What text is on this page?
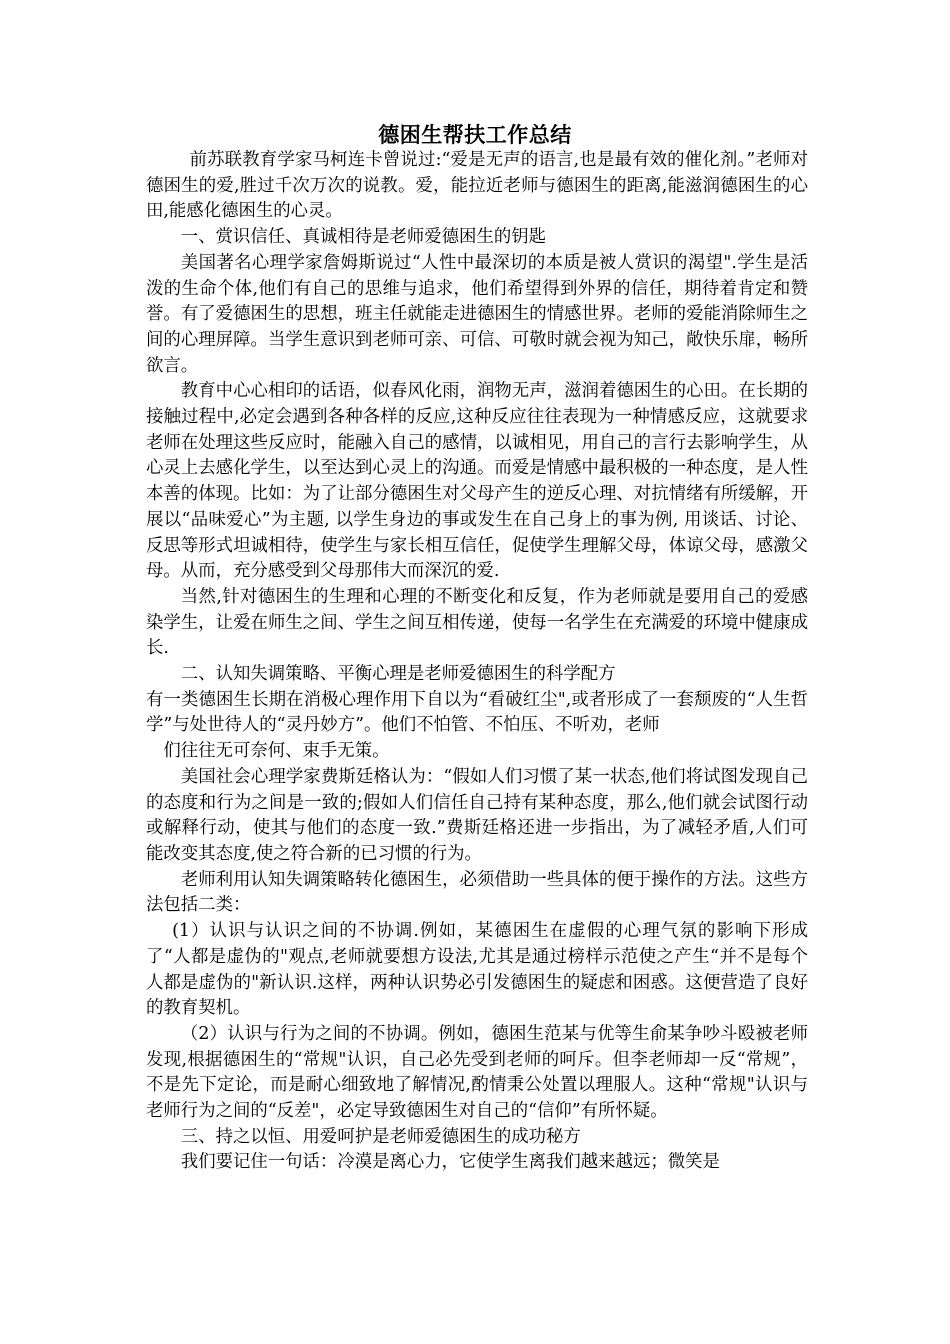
德困生帮扶工作总结

前苏联教育学家马柯连卡曾说过:“爱是无声的语言,也是最有效的催化剂。”老师对德困生的爱,胜过千次万次的说教。爱，能拉近老师与德困生的距离,能滋润德困生的心田,能感化德困生的心灵。

一、赏识信任、真诚相待是老师爱德困生的钥匙

美国著名心理学家詹姆斯说过“人性中最深切的本质是被人赏识的渴望".学生是活泼的生命个体,他们有自己的思维与追求，他们希望得到外界的信任，期待着肯定和赞誉。有了爱德困生的思想，班主任就能走进德困生的情感世界。老师的爱能消除师生之间的心理屏障。当学生意识到老师可亲、可信、可敬时就会视为知己，敞快乐扉，畅所欲言。

教育中心心相印的话语，似春风化雨，润物无声，滋润着德困生的心田。在长期的接触过程中,必定会遇到各种各样的反应,这种反应往往表现为一种情感反应，这就要求老师在处理这些反应时，能融入自己的感情，以诚相见，用自己的言行去影响学生，从心灵上去感化学生，以至达到心灵上的沟通。而爱是情感中最积极的一种态度，是人性本善的体现。比如：为了让部分德困生对父母产生的逆反心理、对抗情绪有所缓解，开展以“品味爱心”为主题, 以学生身边的事或发生在自己身上的事为例, 用谈话、讨论、反思等形式坦诚相待，使学生与家长相互信任，促使学生理解父母，体谅父母，感激父母。从而，充分感受到父母那伟大而深沉的爱.

当然,针对德困生的生理和心理的不断变化和反复，作为老师就是要用自己的爱感染学生，让爱在师生之间、学生之间互相传递，使每一名学生在充满爱的环境中健康成长.

二、认知失调策略、平衡心理是老师爱德困生的科学配方

有一类德困生长期在消极心理作用下自以为“看破红尘",或者形成了一套颓废的“人生哲学”与处世待人的“灵丹妙方”。他们不怕管、不怕压、不听劝，老师

们往往无可奈何、束手无策。

美国社会心理学家费斯廷格认为：“假如人们习惯了某一状态,他们将试图发现自己的态度和行为之间是一致的;假如人们信任自己持有某种态度，那么,他们就会试图行动或解释行动，使其与他们的态度一致.”费斯廷格还进一步指出，为了减轻矛盾,人们可能改变其态度,使之符合新的已习惯的行为。

老师利用认知失调策略转化德困生，必须借助一些具体的便于操作的方法。这些方法包括二类：

(1）认识与认识之间的不协调.例如，某德困生在虚假的心理气氛的影响下形成了“人都是虚伪的"观点,老师就要想方设法,尤其是通过榜样示范使之产生“并不是每个人都是虚伪的"新认识.这样，两种认识势必引发德困生的疑虑和困惑。这便营造了良好的教育契机。

（2）认识与行为之间的不协调。例如，德困生范某与优等生俞某争吵斗殴被老师发现,根据德困生的“常规"认识，自己必先受到老师的呵斥。但李老师却一反“常规”，不是先下定论，而是耐心细致地了解情况,酌情秉公处置以理服人。这种“常规"认识与老师行为之间的“反差"，必定导致德困生对自己的“信仰”有所怀疑。

三、持之以恒、用爱呵护是老师爱德困生的成功秘方

我们要记住一句话：冷漠是离心力，它使学生离我们越来越远；微笑是
